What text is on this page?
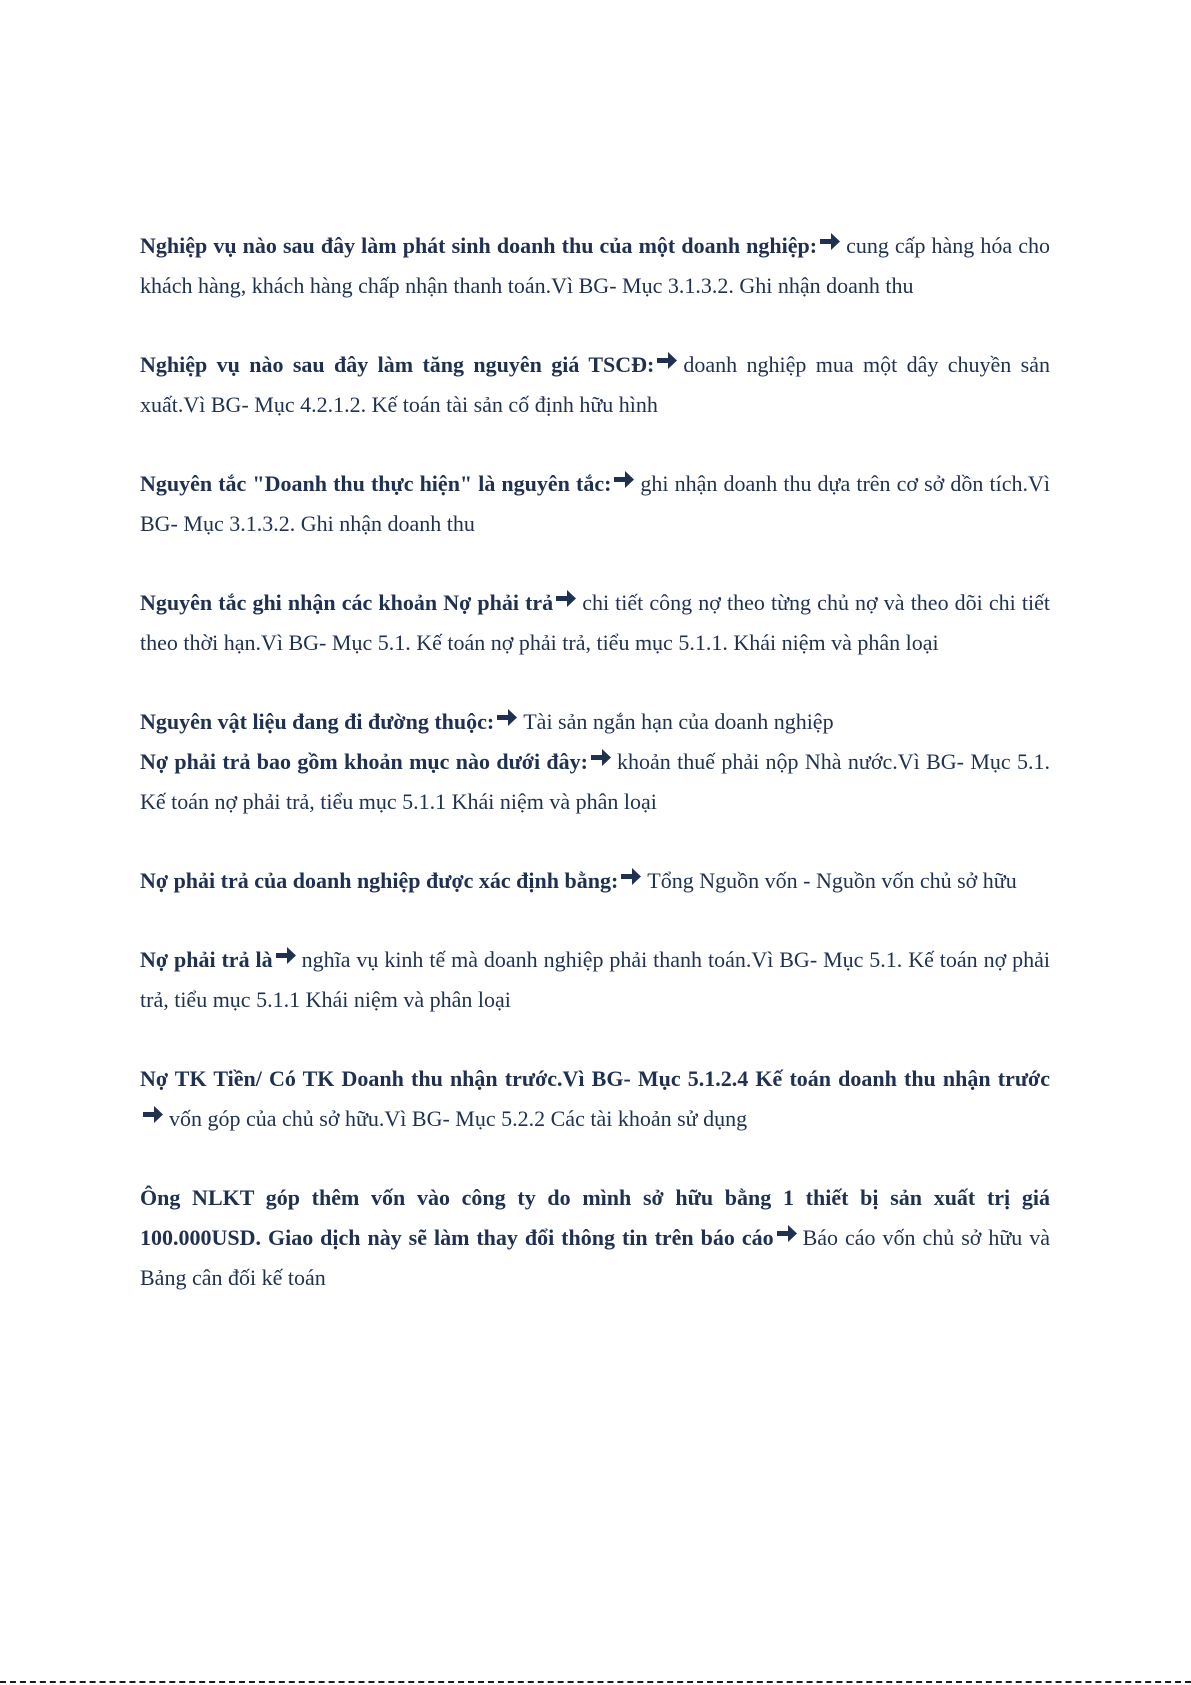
Nghiệp vụ nào sau đây làm phát sinh doanh thu của một doanh nghiệp: cung cấp hàng hóa cho khách hàng, khách hàng chấp nhận thanh toán.Vì BG- Mục 3.1.3.2. Ghi nhận doanh thu

Nghiệp vụ nào sau đây làm tăng nguyên giá TSCĐ: doanh nghiệp mua một dây chuyền sản xuất.Vì BG- Mục 4.2.1.2. Kế toán tài sản cố định hữu hình

Nguyên tắc "Doanh thu thực hiện" là nguyên tắc: ghi nhận doanh thu dựa trên cơ sở dồn tích.Vì BG- Mục 3.1.3.2. Ghi nhận doanh thu

Nguyên tắc ghi nhận các khoản Nợ phải trả chi tiết công nợ theo từng chủ nợ và theo dõi chi tiết theo thời hạn.Vì BG- Mục 5.1. Kế toán nợ phải trả, tiểu mục 5.1.1. Khái niệm và phân loại

Nguyên vật liệu đang đi đường thuộc: Tài sản ngắn hạn của doanh nghiệp

Nợ phải trả bao gồm khoản mục nào dưới đây: khoản thuế phải nộp Nhà nước.Vì BG- Mục 5.1. Kế toán nợ phải trả, tiểu mục 5.1.1 Khái niệm và phân loại

Nợ phải trả của doanh nghiệp được xác định bằng: Tổng Nguồn vốn - Nguồn vốn chủ sở hữu

Nợ phải trả là nghĩa vụ kinh tế mà doanh nghiệp phải thanh toán.Vì BG- Mục 5.1. Kế toán nợ phải trả, tiểu mục 5.1.1 Khái niệm và phân loại

Nợ TK Tiền/ Có TK Doanh thu nhận trước.Vì BG- Mục 5.1.2.4 Kế toán doanh thu nhận trướcvốn góp của chủ sở hữu.Vì BG- Mục 5.2.2 Các tài khoản sử dụng

Ông NLKT góp thêm vốn vào công ty do mình sở hữu bằng 1 thiết bị sản xuất trị giá 100.000USD. Giao dịch này sẽ làm thay đổi thông tin trên báo cáo Báo cáo vốn chủ sở hữu và Bảng cân đối kế toán
